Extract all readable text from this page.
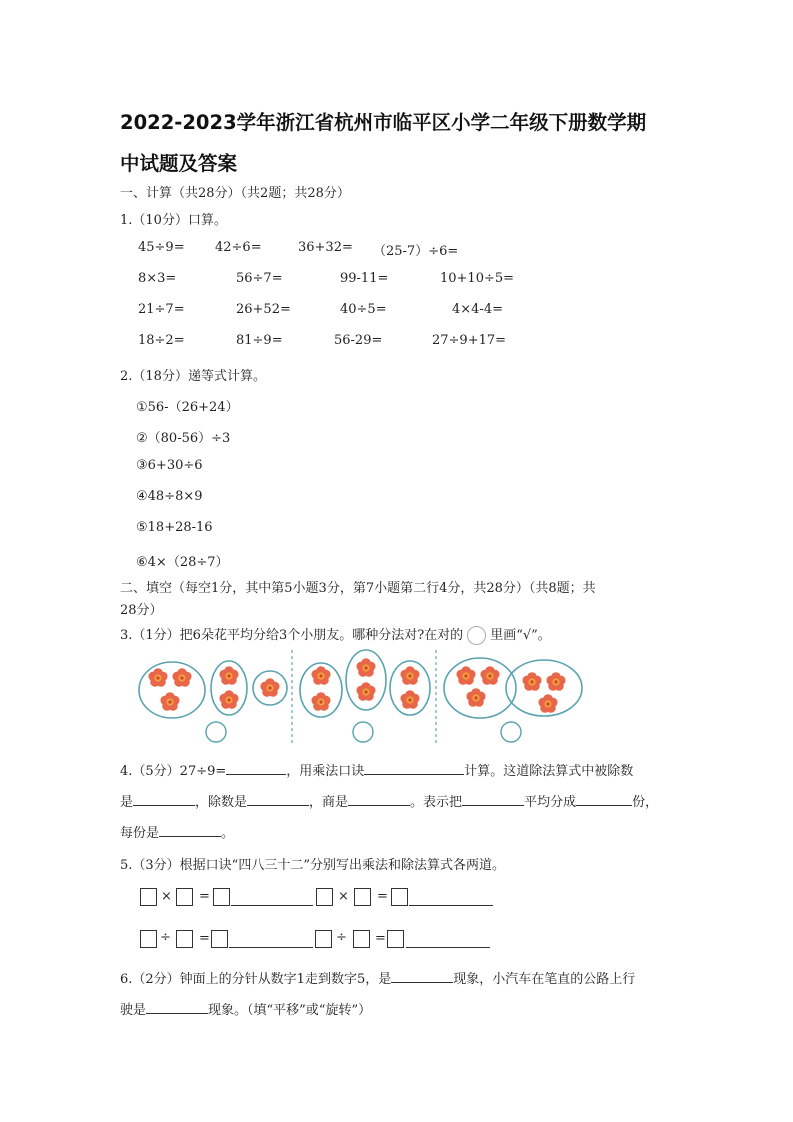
2022-2023学年浙江省杭州市临平区小学二年级下册数学期
中试题及答案
一、计算（共28分）（共2题；共28分）
1.（10分）口算。
45÷9= 42÷6=	36+32= （25-7）÷6=
8×3=	56÷7=	99-11=	10+10÷5=
21÷7=	26+52=	40÷5=	4×4-4=
18÷2=	81÷9=	56-29=	27÷9+17=
2.（18分）递等式计算。
①56-（26+24）
②（80-56）÷3
③6+30÷6
④48÷8×9
⑤18+28-16
⑥4×（28÷7）
二、填空（每空1分，其中第5小题3分，第7小题第二行4分，共28分）（共8题；共
28分）
3.（1分）把6朵花平均分给3个小朋友。哪种分法对?在对的 里画“√”。
4.（5分）27÷9=	，用乘法口诀	计算。这道除法算式中被除数
是	，除数是	，商是	。表示把	平均分成	份，
每份是	。
5.（3分）根据口诀“四八三十二”分别写出乘法和除法算式各两道。
× =	× =
÷ =	÷ =
6.（2分）钟面上的分针从数字1走到数字5，是	现象，小汽车在笔直的公路上行
驶是	现象。（填“平移”或“旋转”）
